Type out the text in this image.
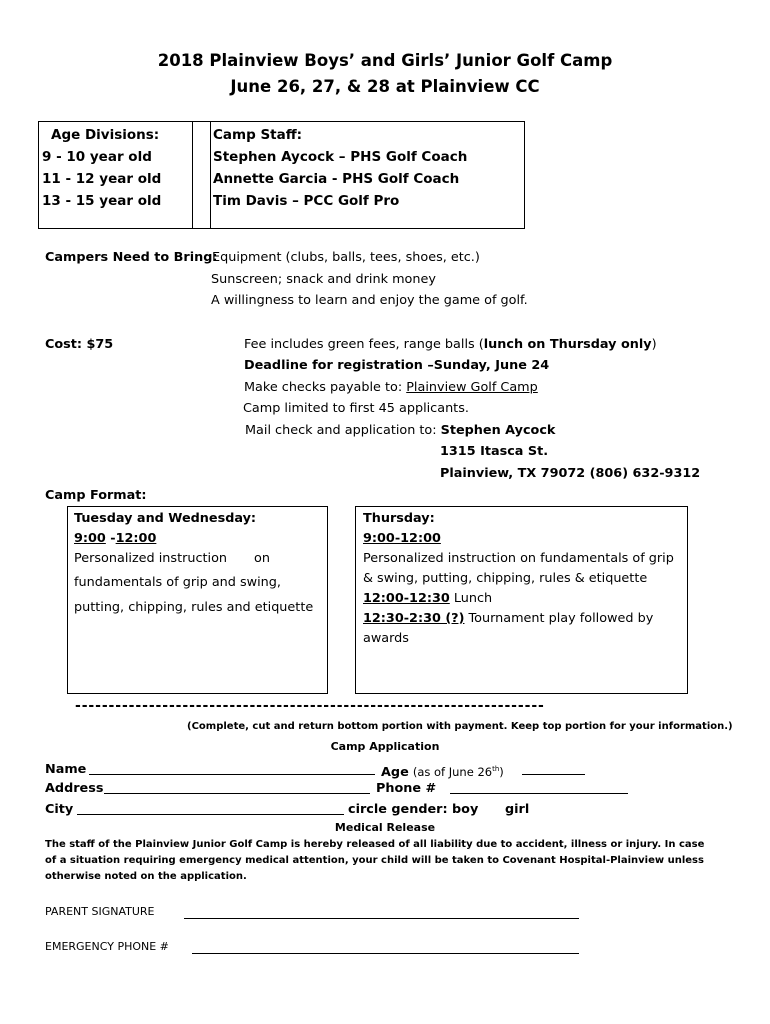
2018 Plainview Boys’ and Girls’ Junior Golf Camp
June 26, 27, & 28 at Plainview CC
Age Divisions:
9 - 10 year old
11 - 12 year old
13 - 15 year old
Camp Staff:
Stephen Aycock – PHS Golf Coach
Annette Garcia - PHS Golf Coach
Tim Davis – PCC Golf Pro
Campers Need to Bring:
Equipment (clubs, balls, tees, shoes, etc.)
Sunscreen; snack and drink money
A willingness to learn and enjoy the game of golf.
Cost: $75	Fee includes green fees, range balls (lunch on Thursday only)
Deadline for registration –Sunday, June 24
Make checks payable to: Plainview Golf Camp
Camp limited to first 45 applicants.
Mail check and application to: Stephen Aycock
1315 Itasca St.
Plainview, TX 79072 (806) 632-9312
Camp Format:
Tuesday and Wednesday:
9:00 -12:00
Personalized instruction on
fundamentals of grip and swing,
putting, chipping, rules and etiquette
Thursday:
9:00-12:00
Personalized instruction on fundamentals of grip
& swing, putting, chipping, rules & etiquette
12:00-12:30 Lunch
12:30-2:30 (?) Tournament play followed by
awards
----------------------------------------------------------------------
(Complete, cut and return bottom portion with payment. Keep top portion for your information.)
Camp Application
Name	Age (as of June 26th)
Address	Phone #
City	circle gender: boy girl
Medical Release
The staff of the Plainview Junior Golf Camp is hereby released of all liability due to accident, illness or injury. In case
of a situation requiring emergency medical attention, your child will be taken to Covenant Hospital-Plainview unless
otherwise noted on the application.
PARENT SIGNATURE
EMERGENCY PHONE #
